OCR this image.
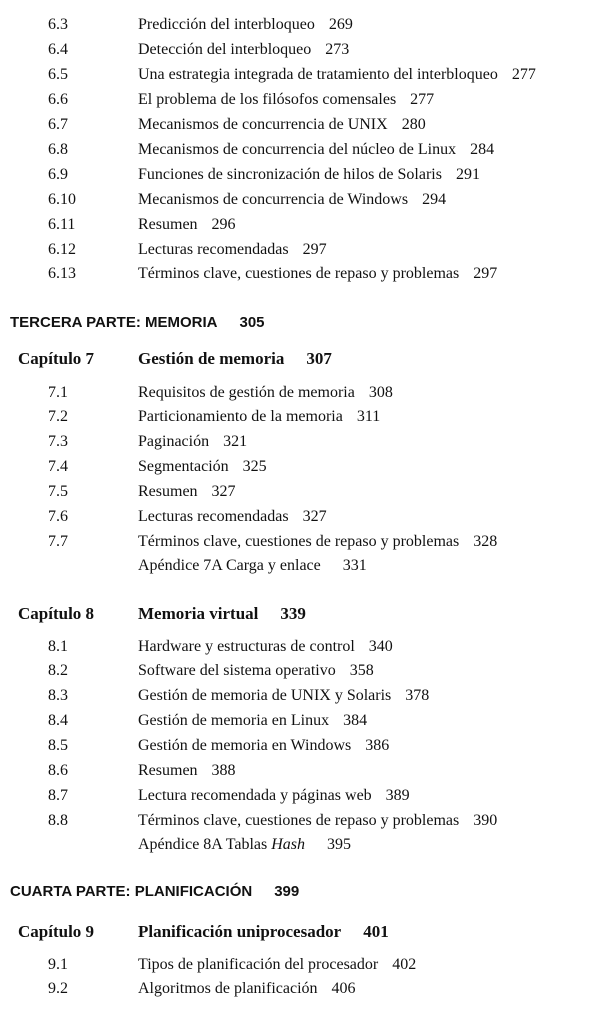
6.3	Predicción del interbloqueo 269
6.4	Detección del interbloqueo 273
6.5	Una estrategia integrada de tratamiento del interbloqueo 277
6.6	El problema de los filósofos comensales 277
6.7	Mecanismos de concurrencia de UNIX 280
6.8	Mecanismos de concurrencia del núcleo de Linux 284
6.9	Funciones de sincronización de hilos de Solaris 291
6.10	Mecanismos de concurrencia de Windows 294
6.11	Resumen 296
6.12	Lecturas recomendadas 297
6.13	Términos clave, cuestiones de repaso y problemas 297
TERCERA PARTE: MEMORIA 305
Capítulo 7	Gestión de memoria 307
7.1	Requisitos de gestión de memoria 308
7.2	Particionamiento de la memoria 311
7.3	Paginación 321
7.4	Segmentación 325
7.5	Resumen 327
7.6	Lecturas recomendadas 327
7.7	Términos clave, cuestiones de repaso y problemas 328
Apéndice 7A Carga y enlace 331
Capítulo 8	Memoria virtual 339
8.1	Hardware y estructuras de control 340
8.2	Software del sistema operativo 358
8.3	Gestión de memoria de UNIX y Solaris 378
8.4	Gestión de memoria en Linux 384
8.5	Gestión de memoria en Windows 386
8.6	Resumen 388
8.7	Lectura recomendada y páginas web 389
8.8	Términos clave, cuestiones de repaso y problemas 390
Apéndice 8A Tablas Hash 395
CUARTA PARTE: PLANIFICACIÓN 399
Capítulo 9	Planificación uniprocesador 401
9.1	Tipos de planificación del procesador 402
9.2	Algoritmos de planificación 406
